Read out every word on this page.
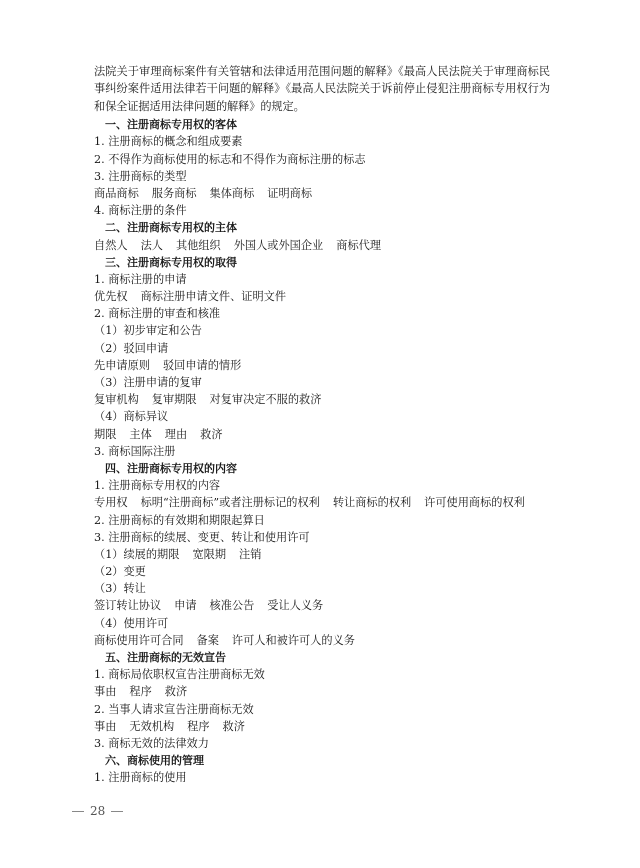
法院关于审理商标案件有关管辖和法律适用范围问题的解释》《最高人民法院关于审理商标民事纠纷案件适用法律若干问题的解释》《最高人民法院关于诉前停止侵犯注册商标专用权行为和保全证据适用法律问题的解释》的规定。

一、注册商标专用权的客体
1. 注册商标的概念和组成要素
2. 不得作为商标使用的标志和不得作为商标注册的标志
3. 注册商标的类型
商品商标 服务商标 集体商标 证明商标
4. 商标注册的条件
二、注册商标专用权的主体
自然人 法人 其他组织 外国人或外国企业 商标代理
三、注册商标专用权的取得
1. 商标注册的申请
优先权 商标注册申请文件、证明文件
2. 商标注册的审查和核准
（1）初步审定和公告
（2）驳回申请
先申请原则 驳回申请的情形
（3）注册申请的复审
复审机构 复审期限 对复审决定不服的救济
（4）商标异议
期限 主体 理由 救济
3. 商标国际注册
四、注册商标专用权的内容
1. 注册商标专用权的内容
专用权 标明“注册商标”或者注册标记的权利 转让商标的权利 许可使用商标的权利
2. 注册商标的有效期和期限起算日
3. 注册商标的续展、变更、转让和使用许可
（1）续展的期限 宽限期 注销
（2）变更
（3）转让
签订转让协议 申请 核准公告 受让人义务
（4）使用许可
商标使用许可合同 备案 许可人和被许可人的义务
五、注册商标的无效宣告
1. 商标局依职权宣告注册商标无效
事由 程序 救济
2. 当事人请求宣告注册商标无效
事由 无效机构 程序 救济
3. 商标无效的法律效力
六、商标使用的管理
1. 注册商标的使用
28
